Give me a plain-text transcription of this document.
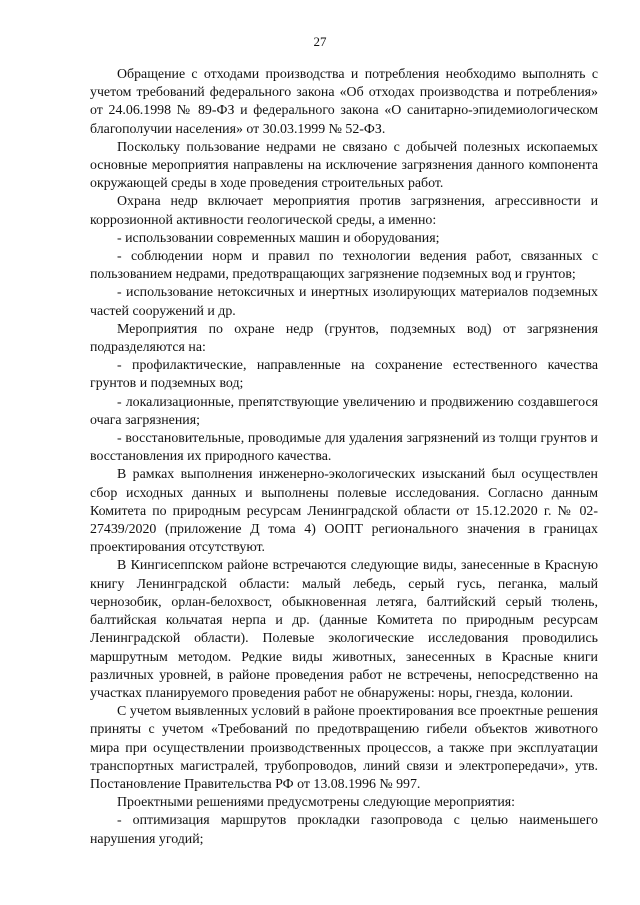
27

Обращение с отходами производства и потребления необходимо выполнять с учетом требований федерального закона «Об отходах производства и потребления» от 24.06.1998 № 89-ФЗ и федерального закона «О санитарно-эпидемиологическом благополучии населения» от 30.03.1999 № 52-ФЗ.

Поскольку пользование недрами не связано с добычей полезных ископаемых основные мероприятия направлены на исключение загрязнения данного компонента окружающей среды в ходе проведения строительных работ.

Охрана недр включает мероприятия против загрязнения, агрессивности и коррозионной активности геологической среды, а именно:

- использовании современных машин и оборудования;

- соблюдении норм и правил по технологии ведения работ, связанных с пользованием недрами, предотвращающих загрязнение подземных вод и грунтов;

- использование нетоксичных и инертных изолирующих материалов подземных частей сооружений и др.

Мероприятия по охране недр (грунтов, подземных вод) от загрязнения подразделяются на:

- профилактические, направленные на сохранение естественного качества грунтов и подземных вод;

- локализационные, препятствующие увеличению и продвижению создавшегося очага загрязнения;

- восстановительные, проводимые для удаления загрязнений из толщи грунтов и восстановления их природного качества.

В рамках выполнения инженерно-экологических изысканий был осуществлен сбор исходных данных и выполнены полевые исследования. Согласно данным Комитета по природным ресурсам Ленинградской области от 15.12.2020 г. № 02-27439/2020 (приложение Д тома 4) ООПТ регионального значения в границах проектирования отсутствуют.

В Кингисеппском районе встречаются следующие виды, занесенные в Красную книгу Ленинградской области: малый лебедь, серый гусь, пеганка, малый чернозобик, орлан-белохвост, обыкновенная летяга, балтийский серый тюлень, балтийская кольчатая нерпа и др. (данные Комитета по природным ресурсам Ленинградской области). Полевые экологические исследования проводились маршрутным методом. Редкие виды животных, занесенных в Красные книги различных уровней, в районе проведения работ не встречены, непосредственно на участках планируемого проведения работ не обнаружены: норы, гнезда, колонии.

С учетом выявленных условий в районе проектирования все проектные решения приняты с учетом «Требований по предотвращению гибели объектов животного мира при осуществлении производственных процессов, а также при эксплуатации транспортных магистралей, трубопроводов, линий связи и электропередачи», утв. Постановление Правительства РФ от 13.08.1996 № 997.

Проектными решениями предусмотрены следующие мероприятия:

- оптимизация маршрутов прокладки газопровода с целью наименьшего нарушения угодий;
